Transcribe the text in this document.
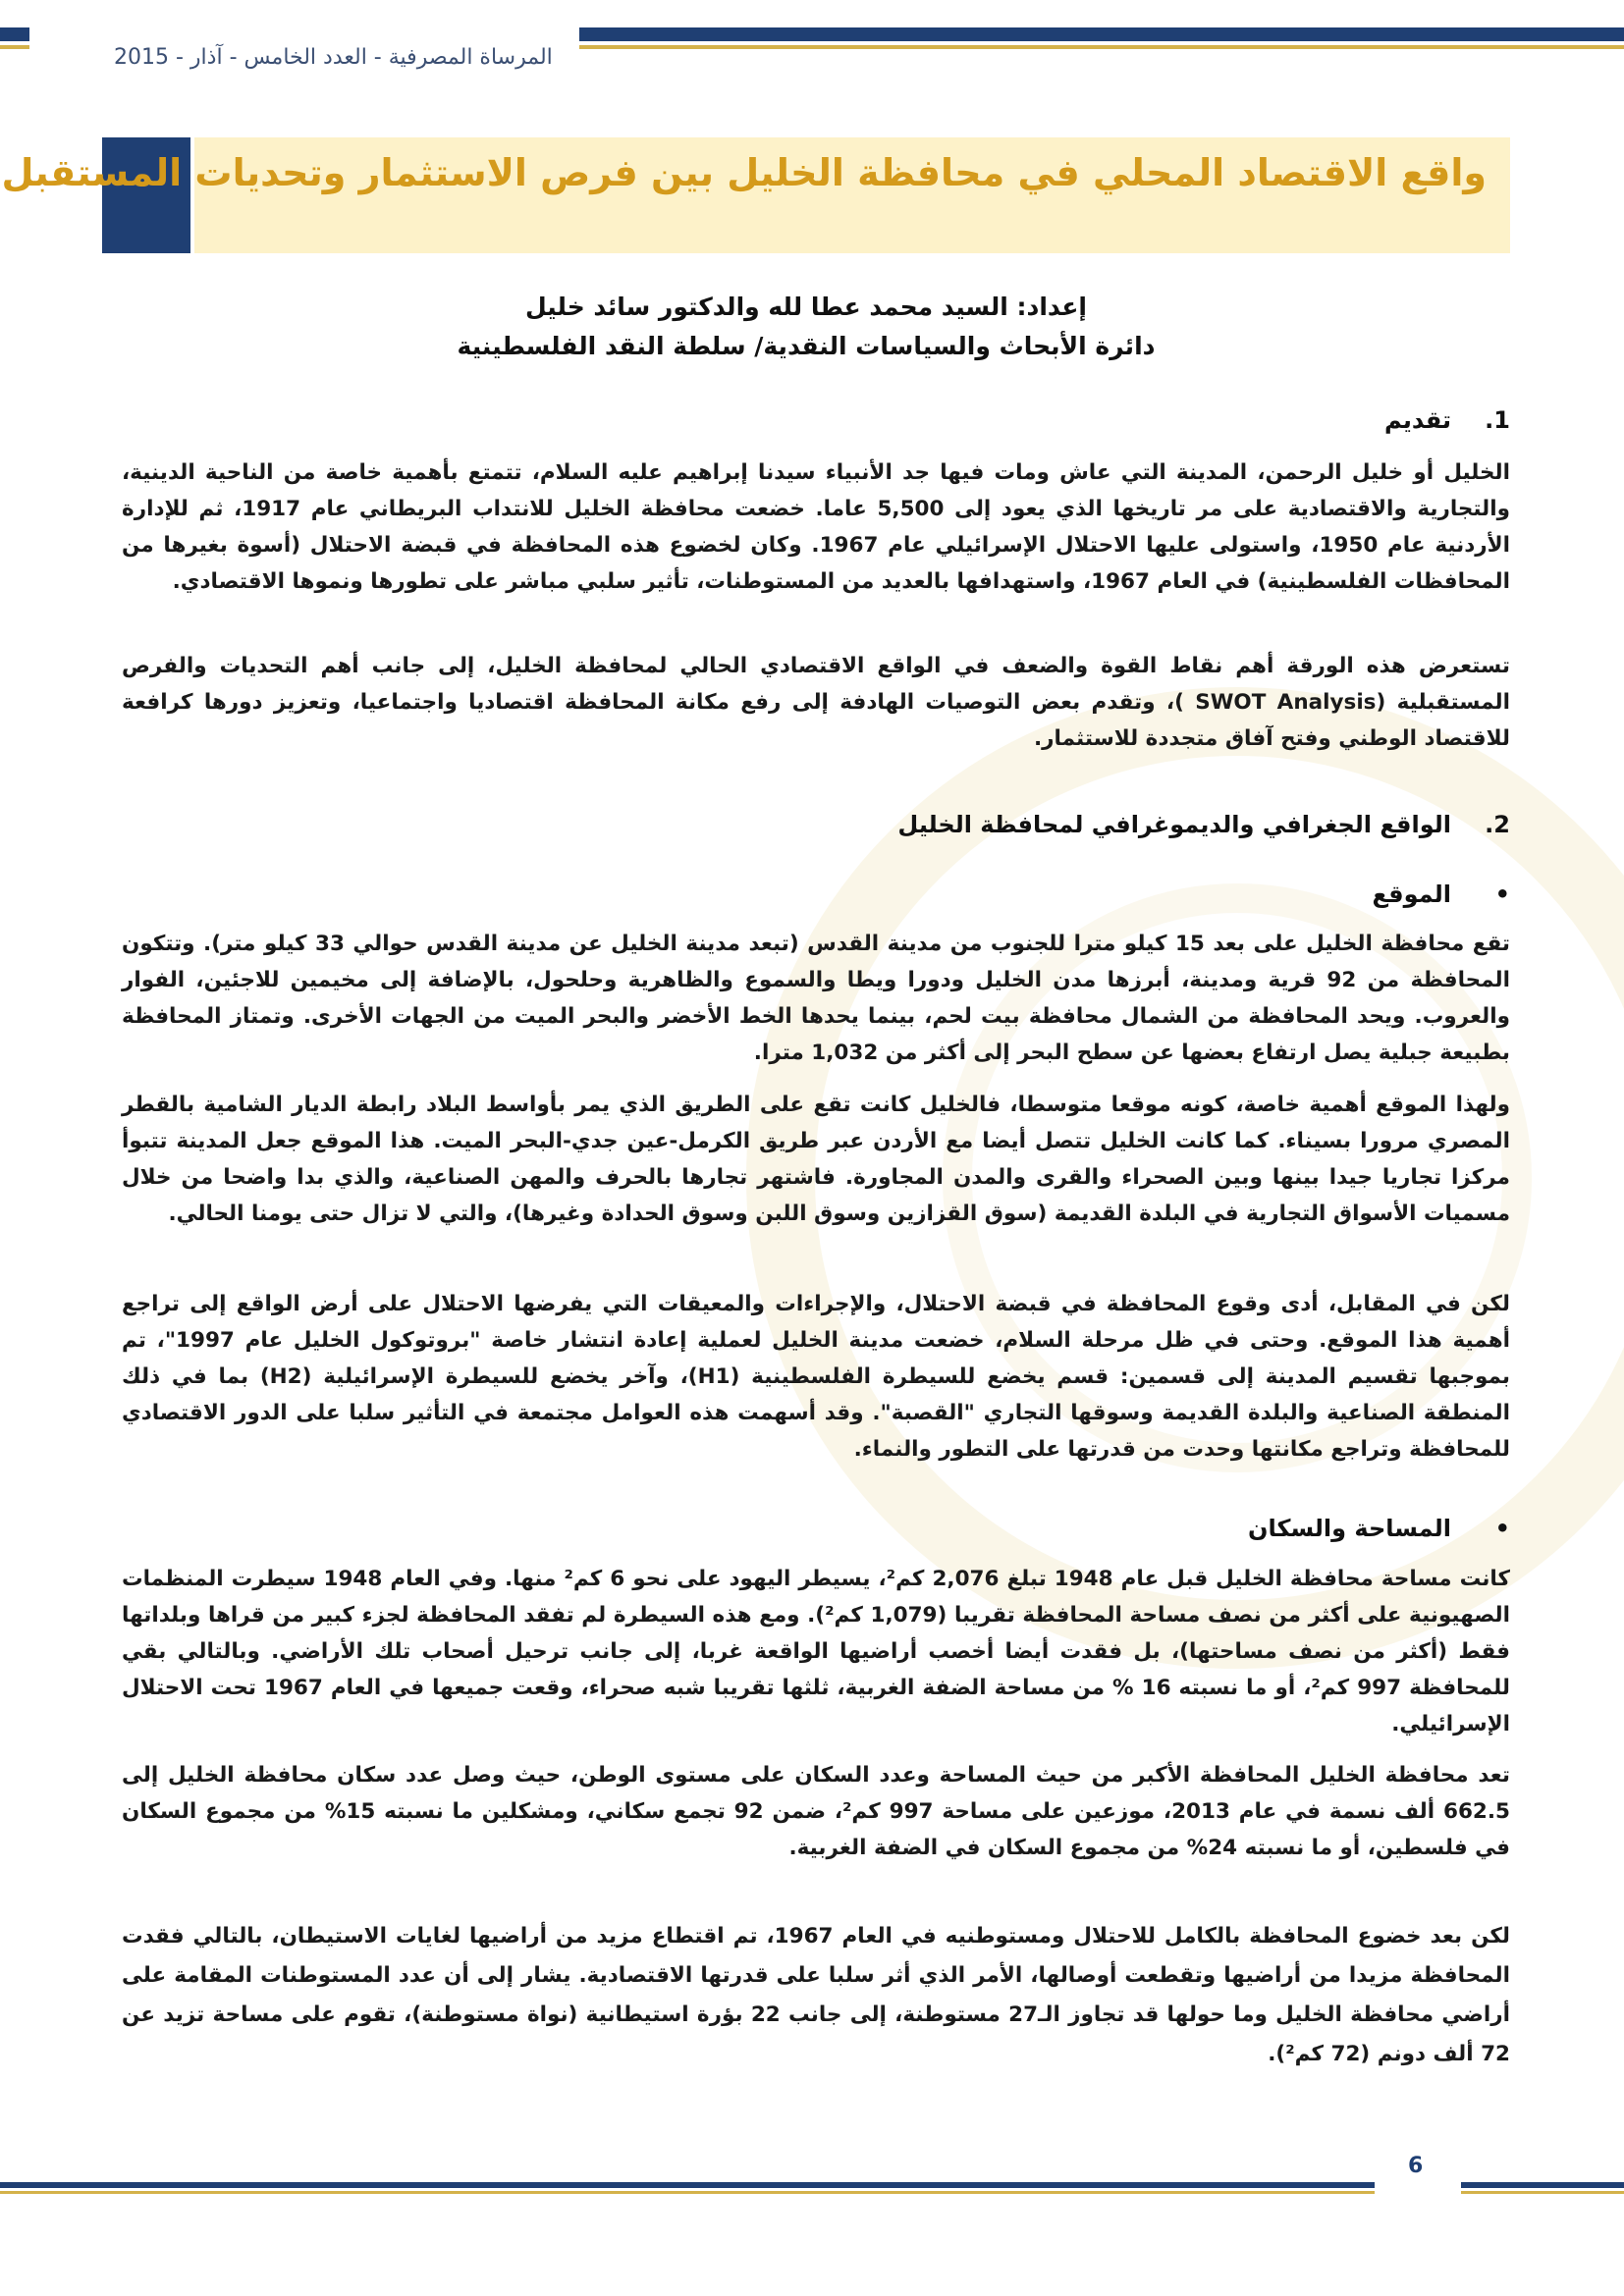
المرساة المصرفية - العدد الخامس - آذار - 2015
واقع الاقتصاد المحلي في محافظة الخليل بين فرص الاستثمار وتحديات المستقبل
إعداد: السيد محمد عطا لله والدكتور سائد خليل
دائرة الأبحاث والسياسات النقدية/ سلطة النقد الفلسطينية
1.تقديم
الخليل أو خليل الرحمن، المدينة التي عاش ومات فيها جد الأنبياء سيدنا إبراهيم عليه السلام، تتمتع بأهمية خاصة من الناحية الدينية، والتجارية والاقتصادية على مر تاريخها الذي يعود إلى 5,500 عاما. خضعت محافظة الخليل للانتداب البريطاني عام 1917، ثم للإدارة الأردنية عام 1950، واستولى عليها الاحتلال الإسرائيلي عام 1967. وكان لخضوع هذه المحافظة في قبضة الاحتلال (أسوة بغيرها من المحافظات الفلسطينية) في العام 1967، واستهدافها بالعديد من المستوطنات، تأثير سلبي مباشر على تطورها ونموها الاقتصادي.
تستعرض هذه الورقة أهم نقاط القوة والضعف في الواقع الاقتصادي الحالي لمحافظة الخليل، إلى جانب أهم التحديات والفرص المستقبلية (SWOT Analysis )، وتقدم بعض التوصيات الهادفة إلى رفع مكانة المحافظة اقتصاديا واجتماعيا، وتعزيز دورها كرافعة للاقتصاد الوطني وفتح آفاق متجددة للاستثمار.
2.الواقع الجغرافي والديموغرافي لمحافظة الخليل
•الموقع
تقع محافظة الخليل على بعد 15 كيلو مترا للجنوب من مدينة القدس (تبعد مدينة الخليل عن مدينة القدس حوالي 33 كيلو متر). وتتكون المحافظة من 92 قرية ومدينة، أبرزها مدن الخليل ودورا ويطا والسموع والظاهرية وحلحول، بالإضافة إلى مخيمين للاجئين، الفوار والعروب. ويحد المحافظة من الشمال محافظة بيت لحم، بينما يحدها الخط الأخضر والبحر الميت من الجهات الأخرى. وتمتاز المحافظة بطبيعة جبلية يصل ارتفاع بعضها عن سطح البحر إلى أكثر من 1,032 مترا.
ولهذا الموقع أهمية خاصة، كونه موقعا متوسطا، فالخليل كانت تقع على الطريق الذي يمر بأواسط البلاد رابطة الديار الشامية بالقطر المصري مرورا بسيناء. كما كانت الخليل تتصل أيضا مع الأردن عبر طريق الكرمل-عين جدي-البحر الميت. هذا الموقع جعل المدينة تتبوأ مركزا تجاريا جيدا بينها وبين الصحراء والقرى والمدن المجاورة. فاشتهر تجارها بالحرف والمهن الصناعية، والذي بدا واضحا من خلال مسميات الأسواق التجارية في البلدة القديمة (سوق القزازين وسوق اللبن وسوق الحدادة وغيرها)، والتي لا تزال حتى يومنا الحالي.
لكن في المقابل، أدى وقوع المحافظة في قبضة الاحتلال، والإجراءات والمعيقات التي يفرضها الاحتلال على أرض الواقع إلى تراجع أهمية هذا الموقع. وحتى في ظل مرحلة السلام، خضعت مدينة الخليل لعملية إعادة انتشار خاصة "بروتوكول الخليل عام 1997"، تم بموجبها تقسيم المدينة إلى قسمين: قسم يخضع للسيطرة الفلسطينية (H1)، وآخر يخضع للسيطرة الإسرائيلية (H2) بما في ذلك المنطقة الصناعية والبلدة القديمة وسوقها التجاري "القصبة". وقد أسهمت هذه العوامل مجتمعة في التأثير سلبا على الدور الاقتصادي للمحافظة وتراجع مكانتها وحدت من قدرتها على التطور والنماء.
•المساحة والسكان
كانت مساحة محافظة الخليل قبل عام 1948 تبلغ 2,076 كم²، يسيطر اليهود على نحو 6 كم² منها. وفي العام 1948 سيطرت المنظمات الصهيونية على أكثر من نصف مساحة المحافظة تقريبا (1,079 كم²). ومع هذه السيطرة لم تفقد المحافظة لجزء كبير من قراها وبلداتها فقط (أكثر من نصف مساحتها)، بل فقدت أيضا أخصب أراضيها الواقعة غربا، إلى جانب ترحيل أصحاب تلك الأراضي. وبالتالي بقي للمحافظة 997 كم²، أو ما نسبته 16 % من مساحة الضفة الغربية، ثلثها تقريبا شبه صحراء، وقعت جميعها في العام 1967 تحت الاحتلال الإسرائيلي.
تعد محافظة الخليل المحافظة الأكبر من حيث المساحة وعدد السكان على مستوى الوطن، حيث وصل عدد سكان محافظة الخليل إلى 662.5 ألف نسمة في عام 2013، موزعين على مساحة 997 كم²، ضمن 92 تجمع سكاني، ومشكلين ما نسبته 15% من مجموع السكان في فلسطين، أو ما نسبته 24% من مجموع السكان في الضفة الغربية.
لكن بعد خضوع المحافظة بالكامل للاحتلال ومستوطنيه في العام 1967، تم اقتطاع مزيد من أراضيها لغايات الاستيطان، بالتالي فقدت المحافظة مزيدا من أراضيها وتقطعت أوصالها، الأمر الذي أثر سلبا على قدرتها الاقتصادية. يشار إلى أن عدد المستوطنات المقامة على أراضي محافظة الخليل وما حولها قد تجاوز الـ27 مستوطنة، إلى جانب 22 بؤرة استيطانية (نواة مستوطنة)، تقوم على مساحة تزيد عن 72 ألف دونم (72 كم²).
6
